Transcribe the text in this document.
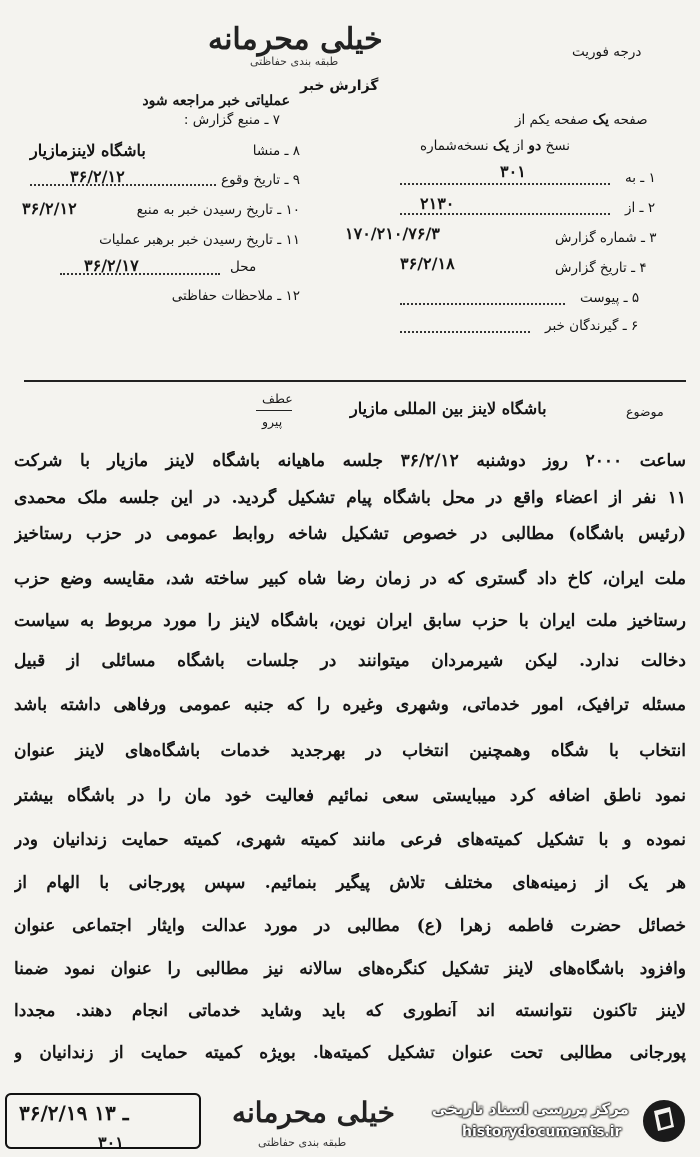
خیلی محرمانه
طبقه بندی حفاظتی
گزارش خبر
درجه فوریت
۷ ـ منبع گزارش :
عملیاتی خبر مراجعه شود
۸ ـ منشا
باشگاه لاینزمازیار
۹ ـ تاریخ وقوع
۳۶/۲/۱۲
۱۰ ـ تاریخ رسیدن خبر به منبع
۳۶/۲/۱۲
۱۱ ـ تاریخ رسیدن خبر برهبر عملیات
محل
۳۶/۲/۱۷
۱۲ ـ ملاحظات حفاظتی
صفحه یک صفحه یکم از
نسخ دو از یک نسخه‌شماره
۱ ـ به
۳۰۱
۲ ـ از
۲۱۳۰
۳ ـ شماره گزارش
۱۷۰/۲۱۰/۷۶/۳
۴ ـ تاریخ گزارش
۳۶/۲/۱۸
۵ ـ پیوست
۶ ـ گیرندگان خبر
موضوع
باشگاه لاینز بین المللی مازیار
عطف
پیرو
ساعت ۲۰۰۰ روز دوشنبه ۳۶/۲/۱۲ جلسه ماهیانه باشگاه لاینز مازیار با شرکت
۱۱ نفر از اعضاء واقع در محل باشگاه پیام تشکیل گردید. در این جلسه ملک محمدی
(رئیس باشگاه) مطالبی در خصوص تشکیل شاخه روابط عمومی در حزب رستاخیز
ملت ایران، کاخ داد گستری که در زمان رضا شاه کبیر ساخته شد، مقایسه وضع حزب
رستاخیز ملت ایران با حزب سابق ایران نوین، باشگاه لاینز را مورد مربوط به سیاست
دخالت ندارد. لیکن شیرمردان میتوانند در جلسات باشگاه مسائلی از قبیل
مسئله ترافیک، امور خدماتی، وشهری وغیره را که جنبه عمومی ورفاهی داشته باشد
انتخاب با شگاه وهمچنین انتخاب در بهرجدید خدمات باشگاه‌های لاینز عنوان
نمود ناطق اضافه کرد میبایستی سعی نمائیم فعالیت خود مان را در باشگاه بیشتر
نموده و با تشکیل کمیته‌های فرعی مانند کمیته شهری، کمیته حمایت زندانیان ودر
هر یک از زمینه‌های مختلف تلاش پیگیر بنمائیم. سپس پورجانی با الهام از
خصائل حضرت فاطمه زهرا (ع) مطالبی در مورد عدالت وایثار اجتماعی عنوان
وافزود باشگاه‌های لاینز تشکیل کنگره‌های سالانه نیز مطالبی را عنوان نمود ضمنا
لاینز تاکنون نتوانسته اند آنطوری که باید وشاید خدماتی انجام دهند. مجددا
پورجانی مطالبی تحت عنوان تشکیل کمیته‌ها. بویژه کمیته حمایت از زندانیان و
۳۶/۲/۱۹ ـ ۱۳
۳۰۱
خیلی محرمانه
طبقه بندی حفاظتی
مرکز بررسی اسناد تاریخی
historydocuments.ir
